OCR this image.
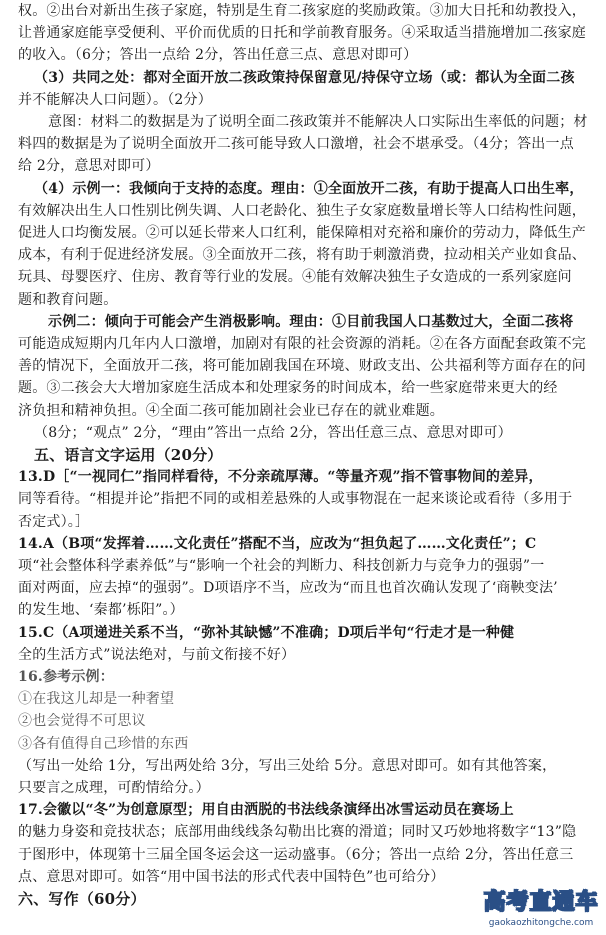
权。②出台对新出生孩子家庭，特别是生育二孩家庭的奖励政策。③加大日托和幼教投入，
让普通家庭能享受便利、平价而优质的日托和学前教育服务。④采取适当措施增加二孩家庭
的收入。（6分；答出一点给 2分，答出任意三点、意思对即可）
（3）共同之处：都对全面开放二孩政策持保留意见/持保守立场（或：都认为全面二孩
并不能解决人口问题）。（2分）
意图：材料二的数据是为了说明全面二孩政策并不能解决人口实际出生率低的问题；材
料四的数据是为了说明全面放开二孩可能导致人口激增，社会不堪承受。（4分；答出一点
给 2分，意思对即可）
（4）示例一：我倾向于支持的态度。理由：①全面放开二孩，有助于提高人口出生率，
有效解决出生人口性别比例失调、人口老龄化、独生子女家庭数量增长等人口结构性问题，
促进人口均衡发展。②可以延长带来人口红利，能保障相对充裕和廉价的劳动力，降低生产
成本，有利于促进经济发展。③全面放开二孩，将有助于刺激消费，拉动相关产业如食品、
玩具、母婴医疗、住房、教育等行业的发展。④能有效解决独生子女造成的一系列家庭问
题和教育问题。
示例二：倾向于可能会产生消极影响。理由：①目前我国人口基数过大，全面二孩将
可能造成短期内几年内人口激增，加剧对有限的社会资源的消耗。②在各方面配套政策不完
善的情况下，全面放开二孩，将可能加剧我国在环境、财政支出、公共福利等方面存在的问
题。③二孩会大大增加家庭生活成本和处理家务的时间成本，给一些家庭带来更大的经
济负担和精神负担。④全面二孩可能加剧社会业已存在的就业难题。
（8分；“观点” 2分，“理由”答出一点给 2分，答出任意三点、意思对即可）
五、语言文字运用（20分）
13.D［“一视同仁”指同样看待，不分亲疏厚薄。“等量齐观”指不管事物间的差异，
同等看待。“相提并论”指把不同的或相差悬殊的人或事物混在一起来谈论或看待（多用于
否定式）。］
14.A（B项“发挥着……文化责任”搭配不当，应改为“担负起了……文化责任”；C
项“社会整体科学素养低”与“影响一个社会的判断力、科技创新力与竞争力的强弱”一
面对两面，应去掉“的强弱”。D项语序不当，应改为“而且也首次确认发现了‘商鞅变法’
的发生地、‘秦都’栎阳”。）
15.C（A项递进关系不当，“弥补其缺憾”不准确；D项后半句“行走才是一种健
全的生活方式”说法绝对，与前文衔接不好）
16.参考示例：
①在我这儿却是一种奢望
②也会觉得不可思议
③各有值得自己珍惜的东西
（写出一处给 1分，写出两处给 3分，写出三处给 5分。意思对即可。如有其他答案，
只要言之成理，可酌情给分。）
17.会徽以“冬”为创意原型；用自由洒脱的书法线条演绎出冰雪运动员在赛场上
的魅力身姿和竞技状态；底部用曲线线条勾勒出比赛的滑道；同时又巧妙地将数字“13”隐
于图形中，体现第十三届全国冬运会这一运动盛事。（6分；答出一点给 2分，答出任意三
点、意思对即可。如答“用中国书法的形式代表中国特色”也可给分）
六、写作（60分）	高考直通车
gaokaozhitongche.com
